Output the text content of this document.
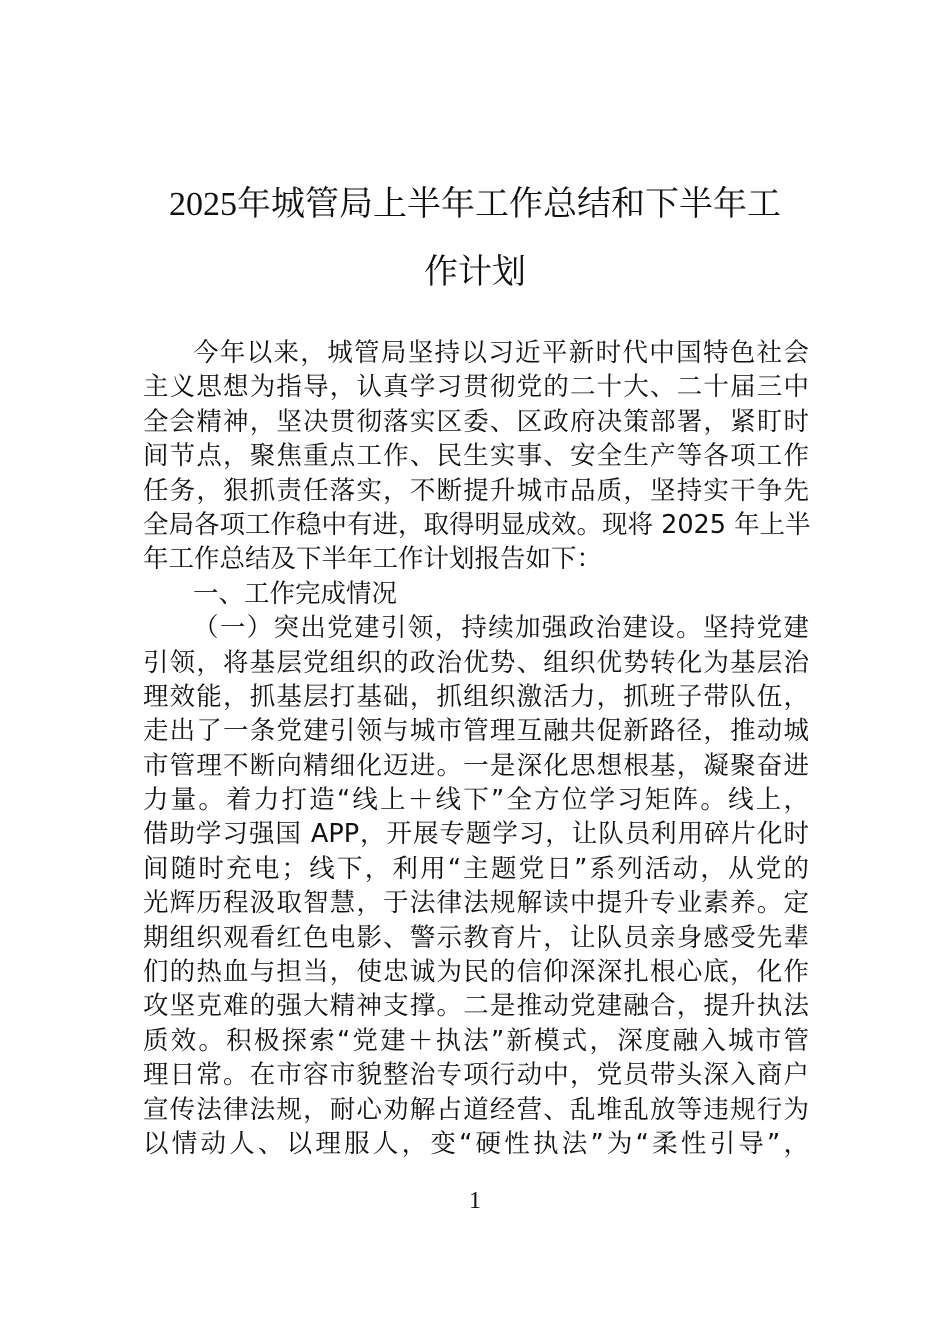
2025年城管局上半年工作总结和下半年工
作计划
今年以来，城管局坚持以习近平新时代中国特色社会
主义思想为指导，认真学习贯彻党的二十大、二十届三中
全会精神，坚决贯彻落实区委、区政府决策部署，紧盯时
间节点，聚焦重点工作、民生实事、安全生产等各项工作
任务，狠抓责任落实，不断提升城市品质，坚持实干争先
全局各项工作稳中有进，取得明显成效。现将 2025 年上半
年工作总结及下半年工作计划报告如下：
一、工作完成情况
（一）突出党建引领，持续加强政治建设。坚持党建
引领，将基层党组织的政治优势、组织优势转化为基层治
理效能，抓基层打基础，抓组织激活力，抓班子带队伍，
走出了一条党建引领与城市管理互融共促新路径，推动城
市管理不断向精细化迈进。一是深化思想根基，凝聚奋进
力量。着力打造“线上＋线下”全方位学习矩阵。线上，
借助学习强国 APP，开展专题学习，让队员利用碎片化时
间随时充电；线下，利用“主题党日”系列活动，从党的
光辉历程汲取智慧，于法律法规解读中提升专业素养。定
期组织观看红色电影、警示教育片，让队员亲身感受先辈
们的热血与担当，使忠诚为民的信仰深深扎根心底，化作
攻坚克难的强大精神支撑。二是推动党建融合，提升执法
质效。积极探索“党建＋执法”新模式，深度融入城市管
理日常。在市容市貌整治专项行动中，党员带头深入商户
宣传法律法规，耐心劝解占道经营、乱堆乱放等违规行为
以情动人、以理服人，变“硬性执法”为“柔性引导”，
1
